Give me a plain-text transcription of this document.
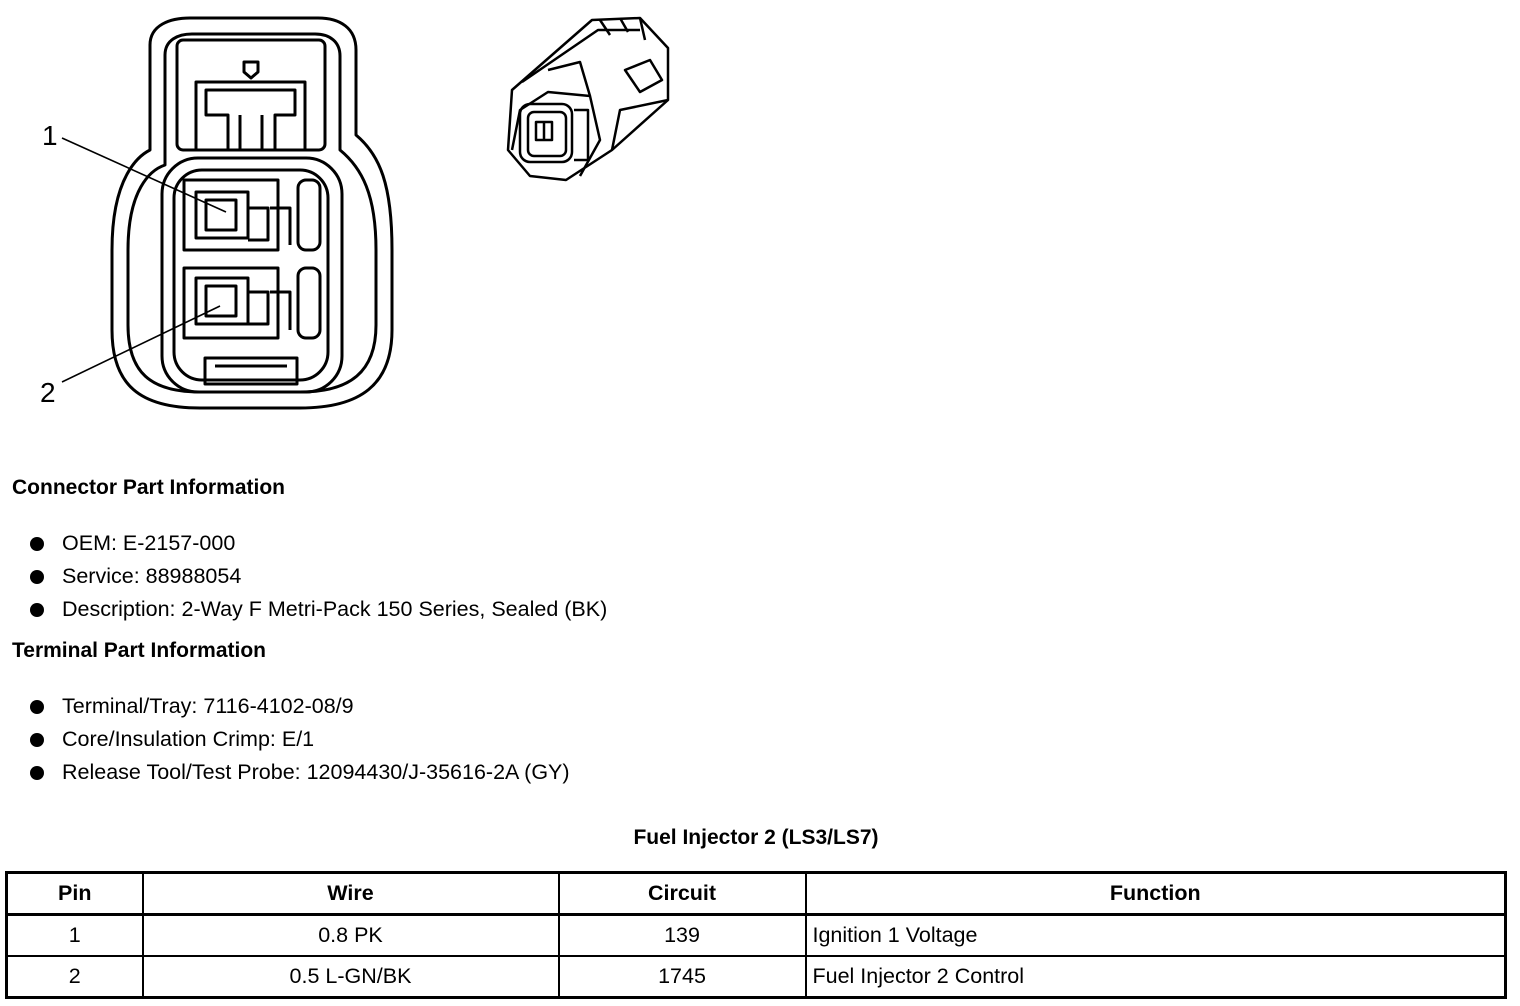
1
2
Connector Part Information
OEM: E-2157-000
Service: 88988054
Description: 2-Way F Metri-Pack 150 Series, Sealed (BK)
Terminal Part Information
Terminal/Tray: 7116-4102-08/9
Core/Insulation Crimp: E/1
Release Tool/Test Probe: 12094430/J-35616-2A (GY)
Fuel Injector 2 (LS3/LS7)
Pin	Wire	Circuit	Function
1	0.8 PK	139	Ignition 1 Voltage
2	0.5 L-GN/BK	1745	Fuel Injector 2 Control
